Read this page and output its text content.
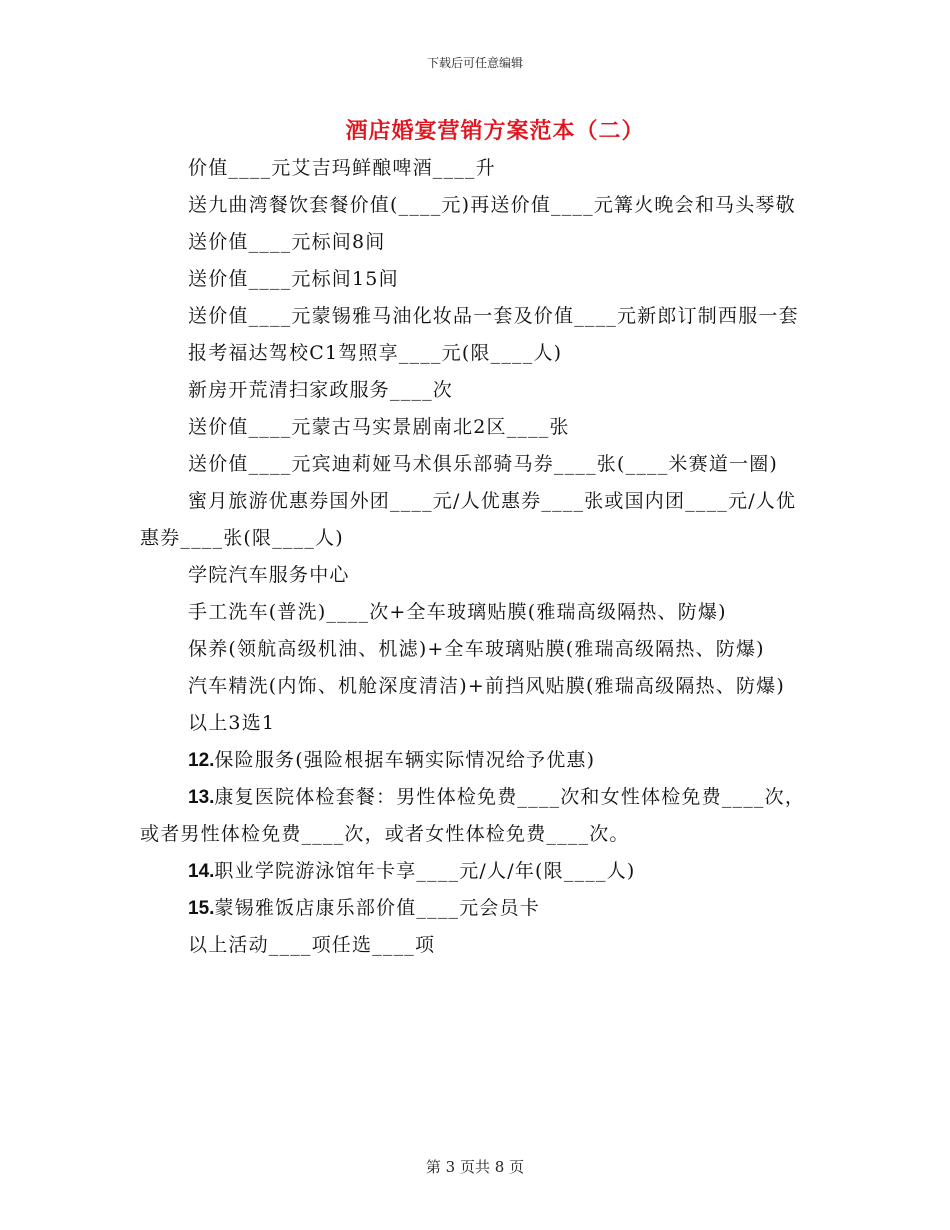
下载后可任意编辑
酒店婚宴营销方案范本（二）

价值____元艾吉玛鲜酿啤酒____升

送九曲湾餐饮套餐价值(____元)再送价值____元篝火晚会和马头琴敬

送价值____元标间8间

送价值____元标间15间

送价值____元蒙锡雅马油化妆品一套及价值____元新郎订制西服一套

报考福达驾校C1驾照享____元(限____人)

新房开荒清扫家政服务____次

送价值____元蒙古马实景剧南北2区____张

送价值____元宾迪莉娅马术俱乐部骑马券____张(____米赛道一圈)

蜜月旅游优惠券国外团____元/人优惠券____张或国内团____元/人优惠券____张(限____人)

学院汽车服务中心

手工洗车(普洗)____次+全车玻璃贴膜(雅瑞高级隔热、防爆)

保养(领航高级机油、机滤)+全车玻璃贴膜(雅瑞高级隔热、防爆)

汽车精洗(内饰、机舱深度清洁)+前挡风贴膜(雅瑞高级隔热、防爆)

以上3选1

12.保险服务(强险根据车辆实际情况给予优惠)

13.康复医院体检套餐：男性体检免费____次和女性体检免费____次，或者男性体检免费____次，或者女性体检免费____次。

14.职业学院游泳馆年卡享____元/人/年(限____人)

15.蒙锡雅饭店康乐部价值____元会员卡

以上活动____项任选____项

第 3 页共 8 页
